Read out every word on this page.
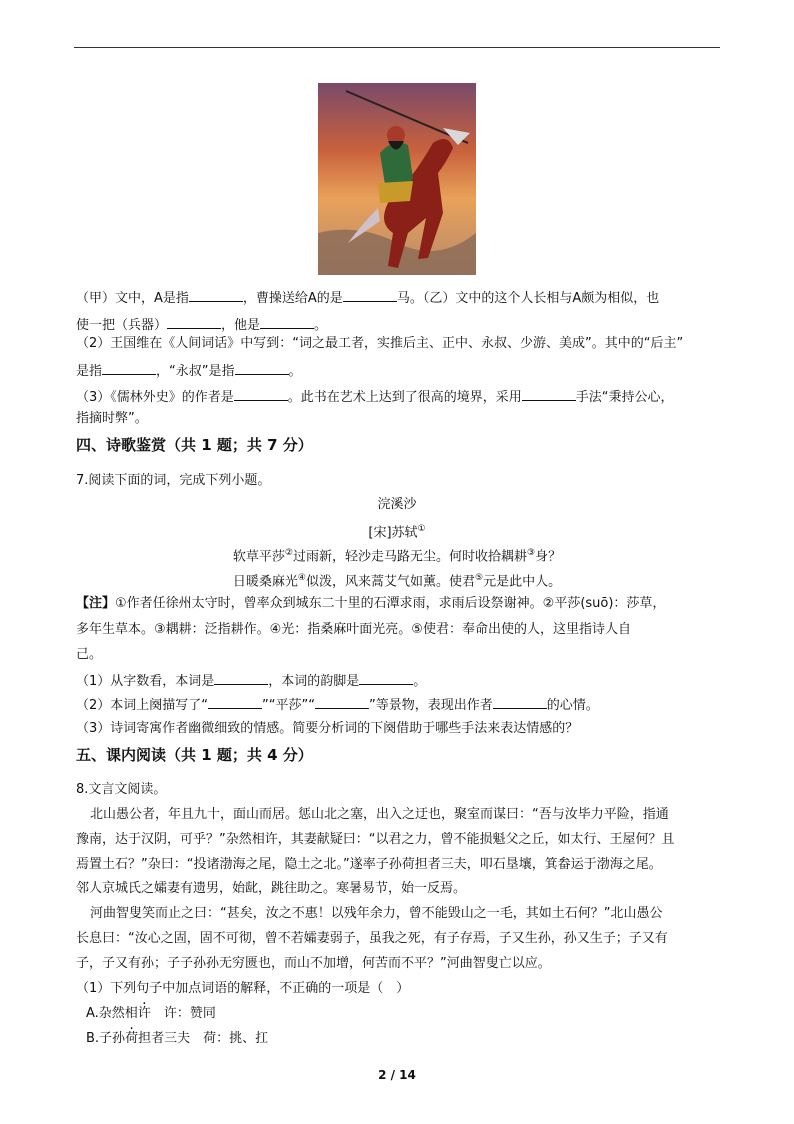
（甲）文中，A是指	，曹操送给A的是	马。（乙）文中的这个人长相与A颇为相似，也
使一把（兵器）	，他是	。
（2）王国维在《人间词话》中写到：“词之最工者，实推后主、正中、永叔、少游、美成”。其中的“后主”
是指	，“永叔”是指	。
（3）《儒林外史》的作者是	。此书在艺术上达到了很高的境界，采用	手法“秉持公心，
指摘时弊”。
四、诗歌鉴赏（共 1 题；共 7 分）
7.阅读下面的词，完成下列小题。
浣溪沙
[宋]苏轼①
软草平莎②过雨新，轻沙走马路无尘。何时收拾耦耕③身？
日暖桑麻光④似泼，风来蒿艾气如薰。使君⑤元是此中人。
【注】①作者任徐州太守时，曾率众到城东二十里的石潭求雨，求雨后设祭谢神。②平莎(suō)：莎草，
多年生草本。③耦耕：泛指耕作。④光：指桑麻叶面光亮。⑤使君：奉命出使的人，这里指诗人自
己。
（1）从字数看，本词是	，本词的韵脚是	。
（2）本词上阕描写了“	”“平莎”“	”等景物，表现出作者	的心情。
（3）诗词寄寓作者幽微细致的情感。简要分析词的下阕借助于哪些手法来表达情感的？
五、课内阅读（共 1 题；共 4 分）
8.文言文阅读。
北山愚公者，年且九十，面山而居。惩山北之塞，出入之迂也，聚室而谋曰：“吾与汝毕力平险，指通
豫南，达于汉阴，可乎？”杂然相许，其妻献疑曰：“以君之力，曾不能损魁父之丘，如太行、王屋何？且
焉置土石？”杂曰：“投诸渤海之尾，隐土之北。”遂率子孙荷担者三夫，叩石垦壤，箕畚运于渤海之尾。
邻人京城氏之孀妻有遗男，始龀，跳往助之。寒暑易节，始一反焉。
河曲智叟笑而止之曰：“甚矣，汝之不惠！以残年余力，曾不能毁山之一毛，其如土石何？”北山愚公
长息曰：“汝心之固，固不可彻，曾不若孀妻弱子，虽我之死，有子存焉，子又生孙，孙又生子；子又有
子，子又有孙；子子孙孙无穷匮也，而山不加增，何苦而不平？”河曲智叟亡以应。
（1）下列句子中加点词语的解释，不正确的一项是（　）
A.杂然相许　许：赞同
B.子孙荷担者三夫　荷：挑、扛
2 / 14
